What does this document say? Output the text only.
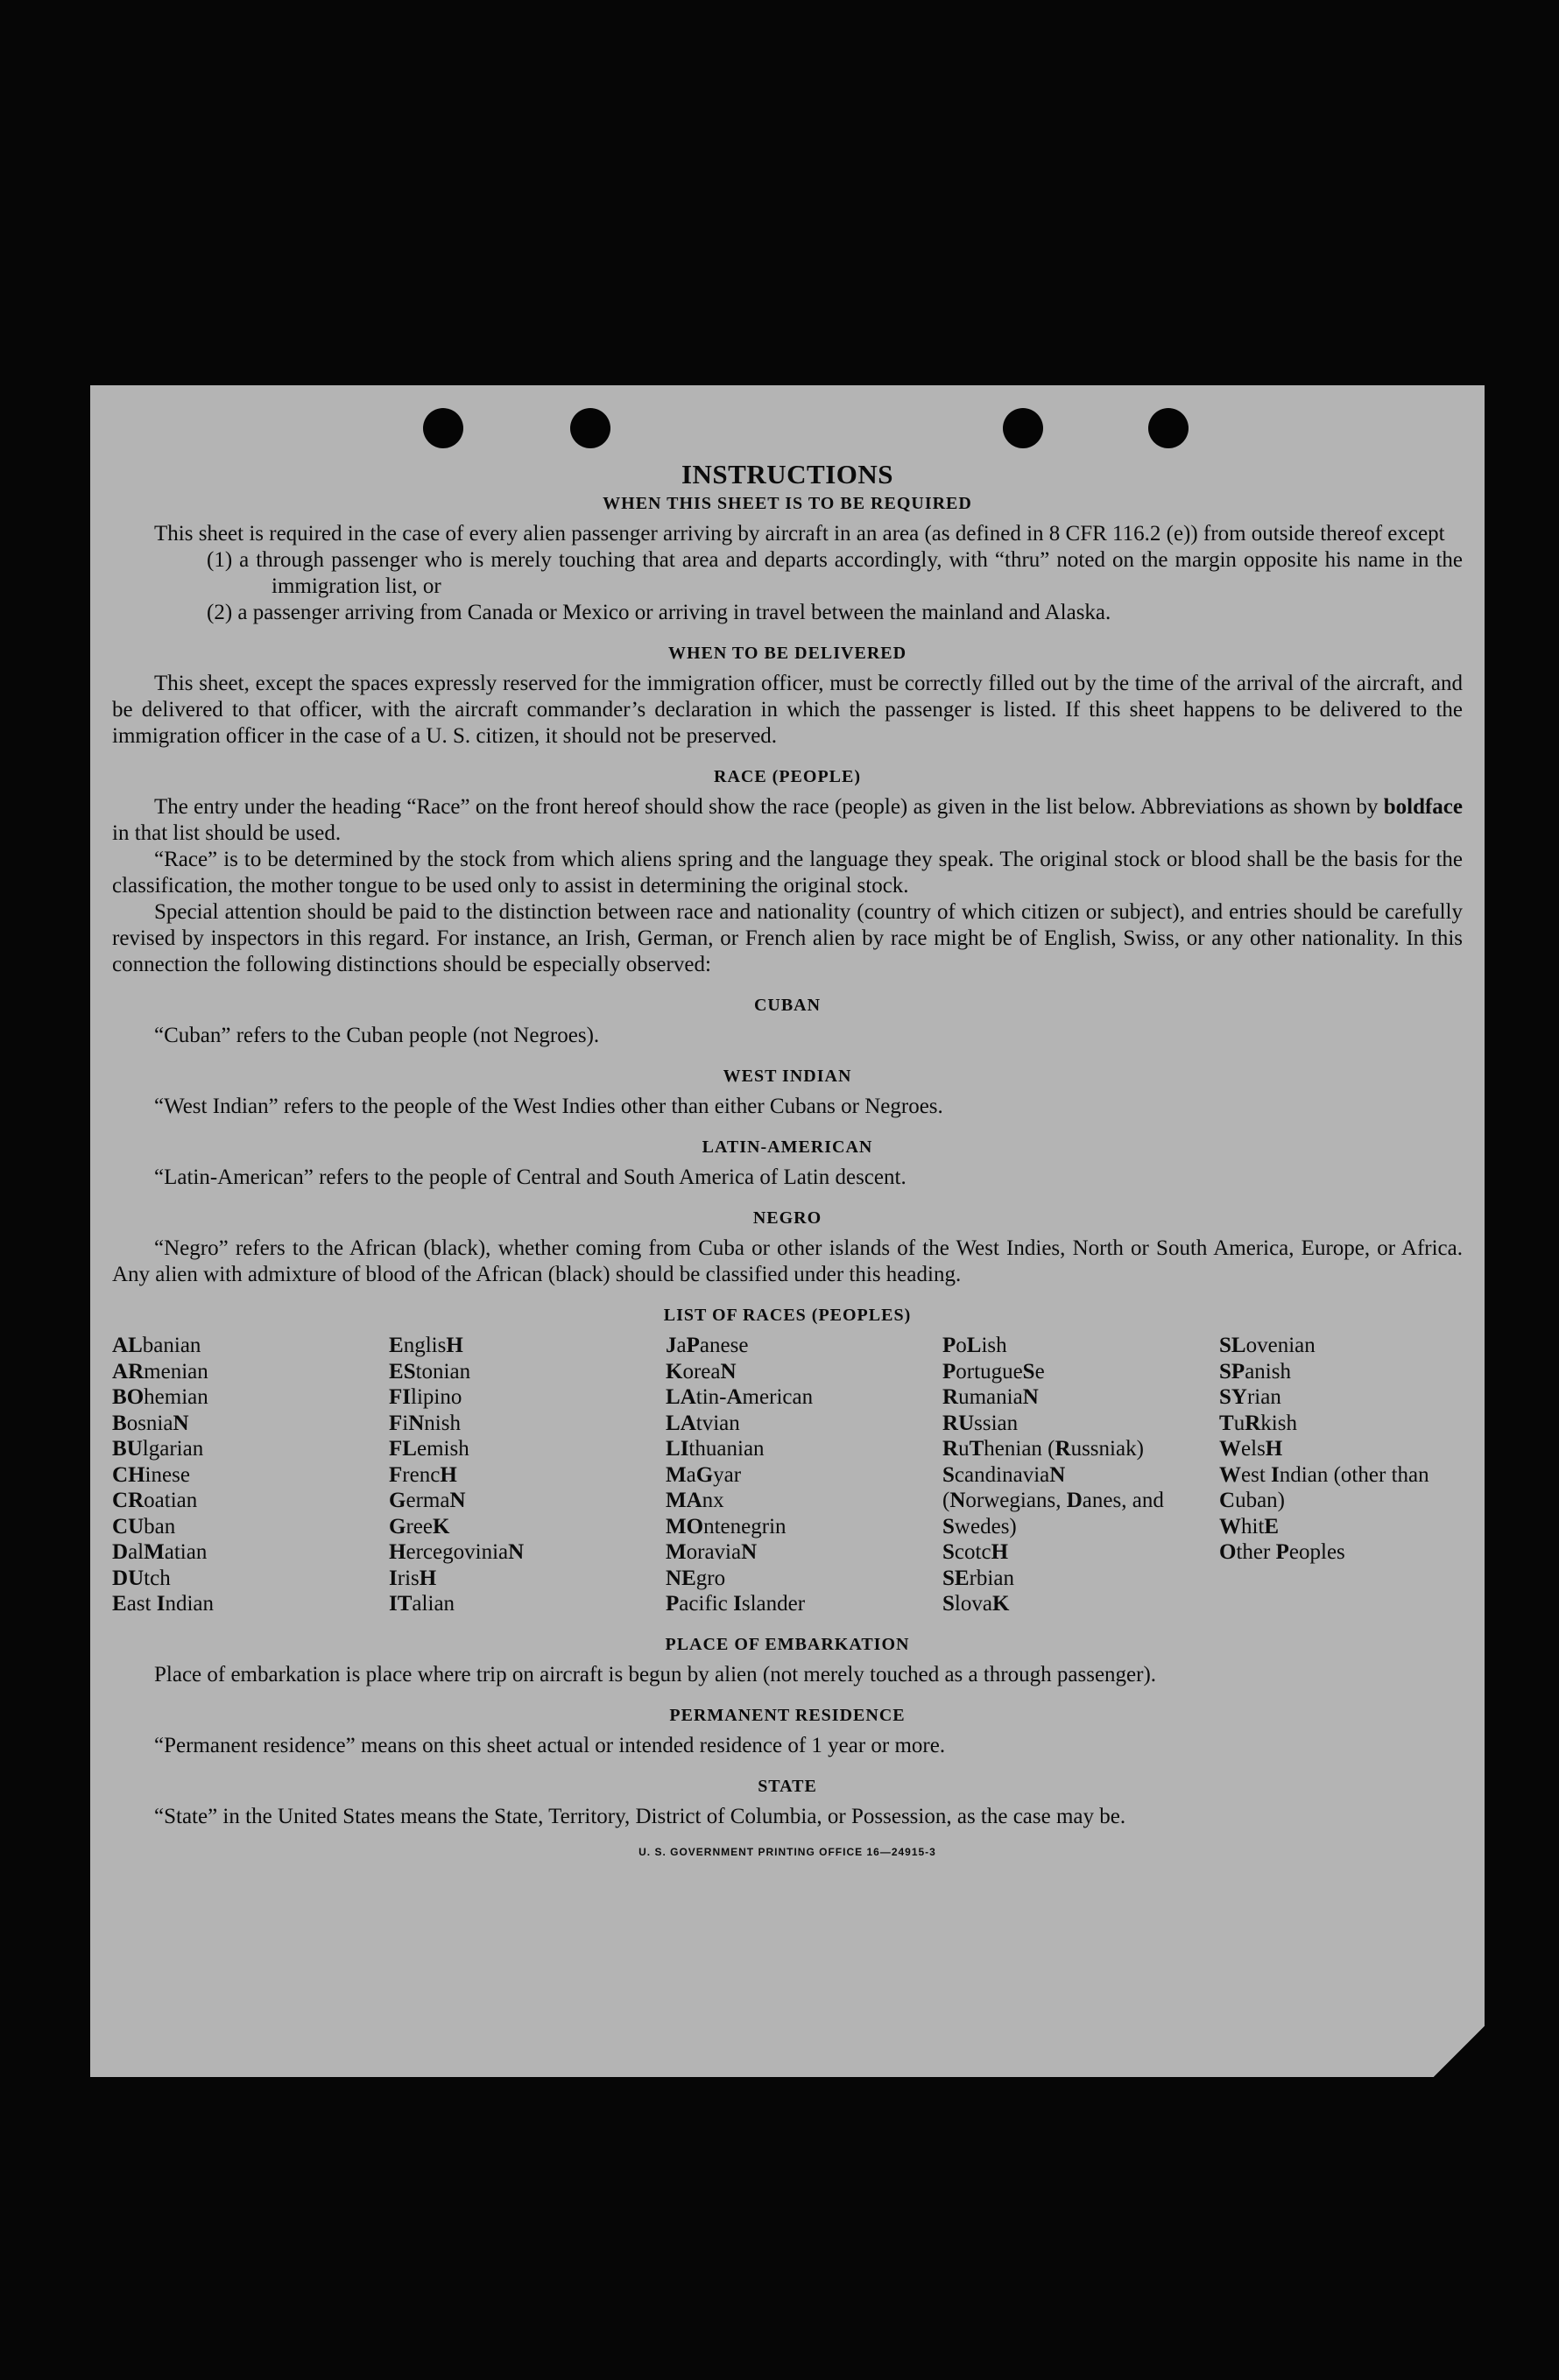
INSTRUCTIONS
WHEN THIS SHEET IS TO BE REQUIRED

This sheet is required in the case of every alien passenger arriving by aircraft in an area (as defined in 8 CFR 116.2 (e)) from outside thereof except

(1) a through passenger who is merely touching that area and departs accordingly, with “thru” noted on the margin opposite his name in the immigration list, or
(2) a passenger arriving from Canada or Mexico or arriving in travel between the mainland and Alaska.
WHEN TO BE DELIVERED

This sheet, except the spaces expressly reserved for the immigration officer, must be correctly filled out by the time of the arrival of the aircraft, and be delivered to that officer, with the aircraft commander’s declaration in which the passenger is listed. If this sheet happens to be delivered to the immigration officer in the case of a U. S. citizen, it should not be preserved.

RACE (PEOPLE)

The entry under the heading “Race” on the front hereof should show the race (people) as given in the list below. Abbreviations as shown by boldface in that list should be used.

“Race” is to be determined by the stock from which aliens spring and the language they speak. The original stock or blood shall be the basis for the classification, the mother tongue to be used only to assist in determining the original stock.

Special attention should be paid to the distinction between race and nationality (country of which citizen or subject), and entries should be carefully revised by inspectors in this regard. For instance, an Irish, German, or French alien by race might be of English, Swiss, or any other nationality. In this connection the following distinctions should be especially observed:

CUBAN

“Cuban” refers to the Cuban people (not Negroes).

WEST INDIAN

“West Indian” refers to the people of the West Indies other than either Cubans or Negroes.

LATIN-AMERICAN

“Latin-American” refers to the people of Central and South America of Latin descent.

NEGRO

“Negro” refers to the African (black), whether coming from Cuba or other islands of the West Indies, North or South America, Europe, or Africa. Any alien with admixture of blood of the African (black) should be classified under this heading.

LIST OF RACES (PEOPLES)
ALbanian
ARmenian
BOhemian
BosniaN
BUlgarian
CHinese
CRoatian
CUban
DalMatian
DUtch
East Indian
EnglisH
EStonian
FIlipino
FiNnish
FLemish
FrencH
GermaN
GreeK
HercegoviniaN
IrisH
ITalian
JaPanese
KoreaN
LAtin-American
LAtvian
LIthuanian
MaGyar
MAnx
MOntenegrin
MoraviaN
NEgro
Pacific Islander
PoLish
PortugueSe
RumaniaN
RUssian
RuThenian (Russniak)
ScandinaviaN (Norwegians, Danes, and Swedes)
ScotcH
SErbian
SlovaK
SLovenian
SPanish
SYrian
TuRkish
WelsH
West Indian (other than Cuban)
WhitE
Other Peoples
PLACE OF EMBARKATION

Place of embarkation is place where trip on aircraft is begun by alien (not merely touched as a through passenger).

PERMANENT RESIDENCE

“Permanent residence” means on this sheet actual or intended residence of 1 year or more.

STATE

“State” in the United States means the State, Territory, District of Columbia, or Possession, as the case may be.

U. S. GOVERNMENT PRINTING OFFICE 16—24915-3
